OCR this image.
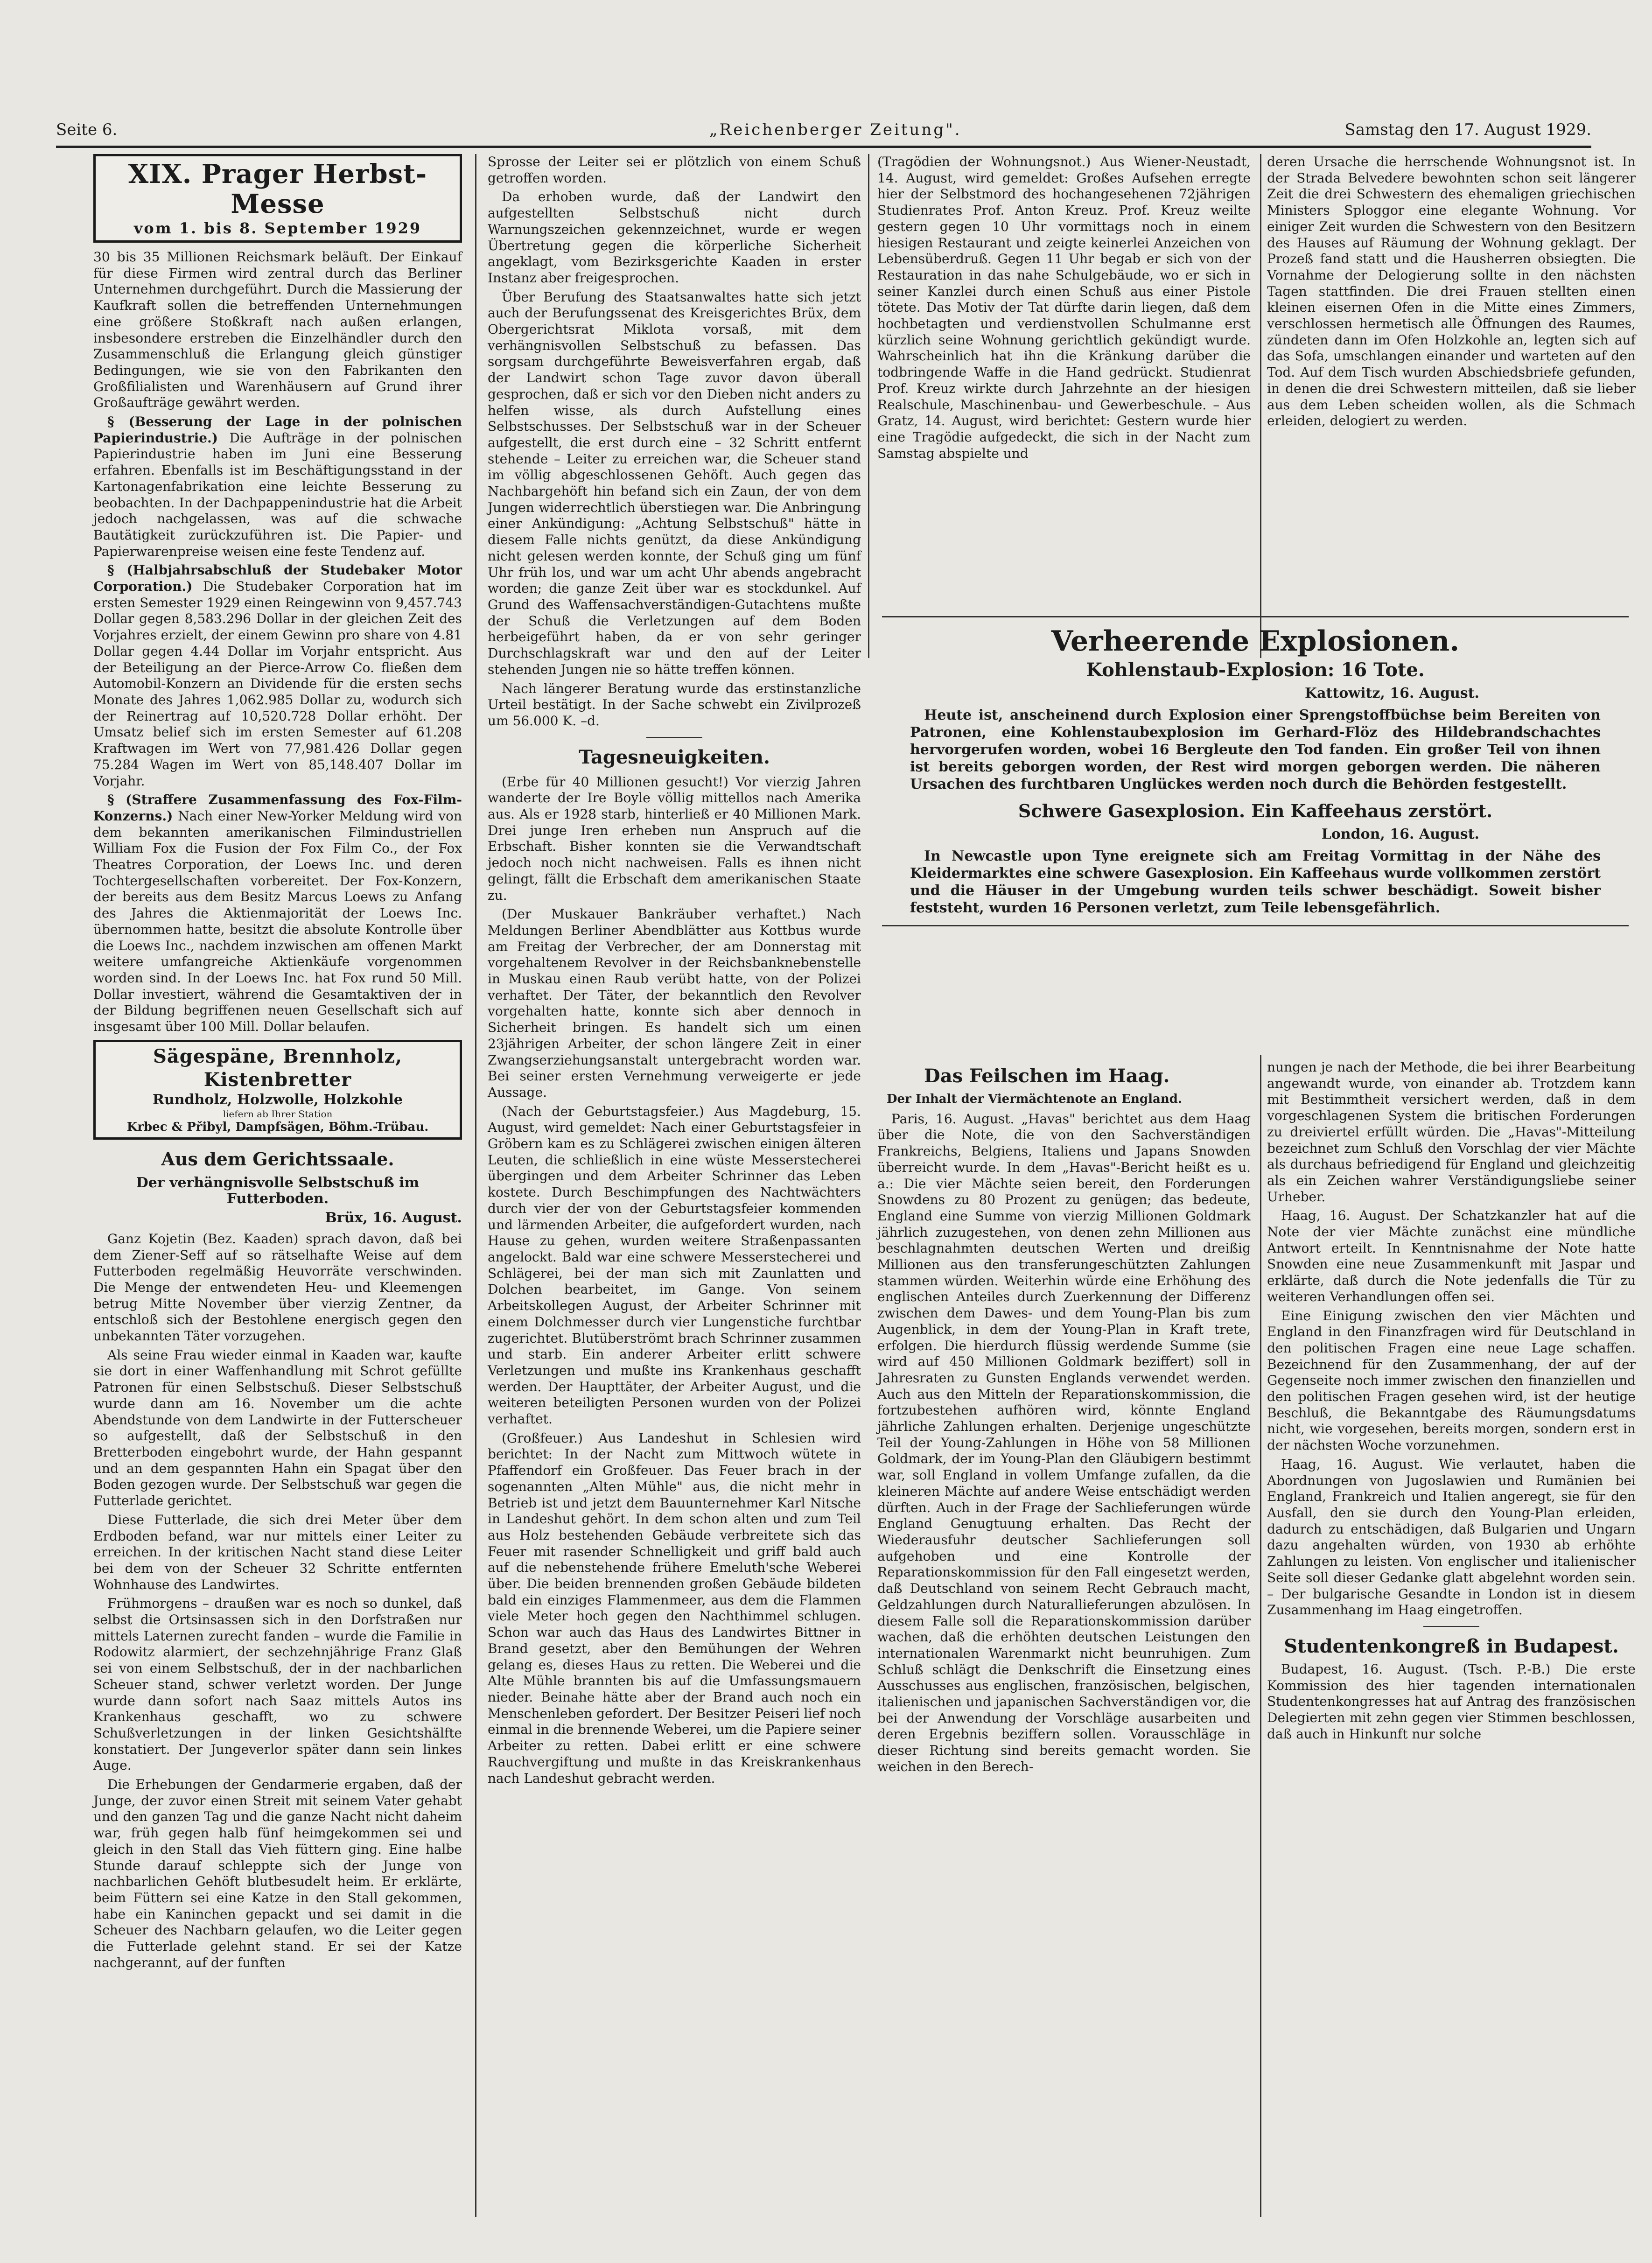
Seite 6.	„Reichenberger Zeitung".	Samstag den 17. August 1929.
XIX. Prager Herbst-Messe
vom 1. bis 8. September 1929

30 bis 35 Millionen Reichsmark beläuft. Der Einkauf für diese Firmen wird zentral durch das Berliner Unternehmen durchgeführt. Durch die Massierung der Kaufkraft sollen die betreffenden Unternehmungen eine größere Stoßkraft nach außen erlangen, insbesondere erstreben die Einzelhändler durch den Zusammenschluß die Erlangung gleich günstiger Bedingungen, wie sie von den Fabrikanten den Großfilialisten und Warenhäusern auf Grund ihrer Großaufträge gewährt werden.

§ (Besserung der Lage in der polnischen Papierindustrie.) Die Aufträge in der polnischen Papierindustrie haben im Juni eine Besserung erfahren. Ebenfalls ist im Beschäftigungsstand in der Kartonagenfabrikation eine leichte Besserung zu beobachten. In der Dachpappenindustrie hat die Arbeit jedoch nachgelassen, was auf die schwache Bautätigkeit zurückzuführen ist. Die Papier- und Papierwarenpreise weisen eine feste Tendenz auf.

§ (Halbjahrsabschluß der Studebaker Motor Corporation.) Die Studebaker Corporation hat im ersten Semester 1929 einen Reingewinn von 9,457.743 Dollar gegen 8,583.296 Dollar in der gleichen Zeit des Vorjahres erzielt, der einem Gewinn pro share von 4.81 Dollar gegen 4.44 Dollar im Vorjahr entspricht. Aus der Beteiligung an der Pierce-Arrow Co. fließen dem Automobil-Konzern an Dividende für die ersten sechs Monate des Jahres 1,062.985 Dollar zu, wodurch sich der Reinertrag auf 10,520.728 Dollar erhöht. Der Umsatz belief sich im ersten Semester auf 61.208 Kraftwagen im Wert von 77,981.426 Dollar gegen 75.284 Wagen im Wert von 85,148.407 Dollar im Vorjahr.

§ (Straffere Zusammenfassung des Fox-Film-Konzerns.) Nach einer New-Yorker Meldung wird von dem bekannten amerikanischen Filmindustriellen William Fox die Fusion der Fox Film Co., der Fox Theatres Corporation, der Loews Inc. und deren Tochtergesellschaften vorbereitet. Der Fox-Konzern, der bereits aus dem Besitz Marcus Loews zu Anfang des Jahres die Aktienmajorität der Loews Inc. übernommen hatte, besitzt die absolute Kontrolle über die Loews Inc., nachdem inzwischen am offenen Markt weitere umfangreiche Aktienkäufe vorgenommen worden sind. In der Loews Inc. hat Fox rund 50 Mill. Dollar investiert, während die Gesamtaktiven der in der Bildung begriffenen neuen Gesellschaft sich auf insgesamt über 100 Mill. Dollar belaufen.

Sägespäne, Brennholz, Kistenbretter
Rundholz, Holzwolle, Holzkohle
liefern ab Ihrer Station
Krbec & Přibyl, Dampfsägen, Böhm.-Trübau.
Aus dem Gerichtssaale.
Der verhängnisvolle Selbstschuß im Futterboden.
Brüx, 16. August.

Ganz Kojetin (Bez. Kaaden) sprach davon, daß bei dem Ziener-Seff auf so rätselhafte Weise auf dem Futterboden regelmäßig Heuvorräte verschwinden. Die Menge der entwendeten Heu- und Kleemengen betrug Mitte November über vierzig Zentner, da entschloß sich der Bestohlene energisch gegen den unbekannten Täter vorzugehen.

Als seine Frau wieder einmal in Kaaden war, kaufte sie dort in einer Waffenhandlung mit Schrot gefüllte Patronen für einen Selbstschuß. Dieser Selbstschuß wurde dann am 16. November um die achte Abendstunde von dem Landwirte in der Futterscheuer so aufgestellt, daß der Selbstschuß in den Bretterboden eingebohrt wurde, der Hahn gespannt und an dem gespannten Hahn ein Spagat über den Boden gezogen wurde. Der Selbstschuß war gegen die Futterlade gerichtet.

Diese Futterlade, die sich drei Meter über dem Erdboden befand, war nur mittels einer Leiter zu erreichen. In der kritischen Nacht stand diese Leiter bei dem von der Scheuer 32 Schritte entfernten Wohnhause des Landwirtes.

Frühmorgens – draußen war es noch so dunkel, daß selbst die Ortsinsassen sich in den Dorfstraßen nur mittels Laternen zurecht fanden – wurde die Familie in Rodowitz alarmiert, der sechzehnjährige Franz Glaß sei von einem Selbstschuß, der in der nachbarlichen Scheuer stand, schwer verletzt worden. Der Junge wurde dann sofort nach Saaz mittels Autos ins Krankenhaus geschafft, wo zu schwere Schußverletzungen in der linken Gesichtshälfte konstatiert. Der Jungeverlor später dann sein linkes Auge.

Die Erhebungen der Gendarmerie ergaben, daß der Junge, der zuvor einen Streit mit seinem Vater gehabt und den ganzen Tag und die ganze Nacht nicht daheim war, früh gegen halb fünf heimgekommen sei und gleich in den Stall das Vieh füttern ging. Eine halbe Stunde darauf schleppte sich der Junge von nachbarlichen Gehöft blutbesudelt heim. Er erklärte, beim Füttern sei eine Katze in den Stall gekommen, habe ein Kaninchen gepackt und sei damit in die Scheuer des Nachbarn gelaufen, wo die Leiter gegen die Futterlade gelehnt stand. Er sei der Katze nachgerannt, auf der funften

Sprosse der Leiter sei er plötzlich von einem Schuß getroffen worden.

Da erhoben wurde, daß der Landwirt den aufgestellten Selbstschuß nicht durch Warnungszeichen gekennzeichnet, wurde er wegen Übertretung gegen die körperliche Sicherheit angeklagt, vom Bezirksgerichte Kaaden in erster Instanz aber freigesprochen.

Über Berufung des Staatsanwaltes hatte sich jetzt auch der Berufungssenat des Kreisgerichtes Brüx, dem Obergerichtsrat Miklota vorsaß, mit dem verhängnisvollen Selbstschuß zu befassen. Das sorgsam durchgeführte Beweisverfahren ergab, daß der Landwirt schon Tage zuvor davon überall gesprochen, daß er sich vor den Dieben nicht anders zu helfen wisse, als durch Aufstellung eines Selbstschusses. Der Selbstschuß war in der Scheuer aufgestellt, die erst durch eine – 32 Schritt entfernt stehende – Leiter zu erreichen war, die Scheuer stand im völlig abgeschlossenen Gehöft. Auch gegen das Nachbargehöft hin befand sich ein Zaun, der von dem Jungen widerrechtlich überstiegen war. Die Anbringung einer Ankündigung: „Achtung Selbstschuß" hätte in diesem Falle nichts genützt, da diese Ankündigung nicht gelesen werden konnte, der Schuß ging um fünf Uhr früh los, und war um acht Uhr abends angebracht worden; die ganze Zeit über war es stockdunkel. Auf Grund des Waffensachverständigen-Gutachtens mußte der Schuß die Verletzungen auf dem Boden herbeigeführt haben, da er von sehr geringer Durchschlagskraft war und den auf der Leiter stehenden Jungen nie so hätte treffen können.

Nach längerer Beratung wurde das erstinstanzliche Urteil bestätigt. In der Sache schwebt ein Zivilprozeß um 56.000 K. –d.

Tagesneuigkeiten.

(Erbe für 40 Millionen gesucht!) Vor vierzig Jahren wanderte der Ire Boyle völlig mittellos nach Amerika aus. Als er 1928 starb, hinterließ er 40 Millionen Mark. Drei junge Iren erheben nun Anspruch auf die Erbschaft. Bisher konnten sie die Verwandtschaft jedoch noch nicht nachweisen. Falls es ihnen nicht gelingt, fällt die Erbschaft dem amerikanischen Staate zu.

(Der Muskauer Bankräuber verhaftet.) Nach Meldungen Berliner Abendblätter aus Kottbus wurde am Freitag der Verbrecher, der am Donnerstag mit vorgehaltenem Revolver in der Reichsbanknebenstelle in Muskau einen Raub verübt hatte, von der Polizei verhaftet. Der Täter, der bekanntlich den Revolver vorgehalten hatte, konnte sich aber dennoch in Sicherheit bringen. Es handelt sich um einen 23jährigen Arbeiter, der schon längere Zeit in einer Zwangserziehungsanstalt untergebracht worden war. Bei seiner ersten Vernehmung verweigerte er jede Aussage.

(Nach der Geburtstagsfeier.) Aus Magdeburg, 15. August, wird gemeldet: Nach einer Geburtstagsfeier in Gröbern kam es zu Schlägerei zwischen einigen älteren Leuten, die schließlich in eine wüste Messerstecherei übergingen und dem Arbeiter Schrinner das Leben kostete. Durch Beschimpfungen des Nachtwächters durch vier der von der Geburtstagsfeier kommenden und lärmenden Arbeiter, die aufgefordert wurden, nach Hause zu gehen, wurden weitere Straßenpassanten angelockt. Bald war eine schwere Messerstecherei und Schlägerei, bei der man sich mit Zaunlatten und Dolchen bearbeitet, im Gange. Von seinem Arbeitskollegen August, der Arbeiter Schrinner mit einem Dolchmesser durch vier Lungenstiche furchtbar zugerichtet. Blutüberströmt brach Schrinner zusammen und starb. Ein anderer Arbeiter erlitt schwere Verletzungen und mußte ins Krankenhaus geschafft werden. Der Haupttäter, der Arbeiter August, und die weiteren beteiligten Personen wurden von der Polizei verhaftet.

(Großfeuer.) Aus Landeshut in Schlesien wird berichtet: In der Nacht zum Mittwoch wütete in Pfaffendorf ein Großfeuer. Das Feuer brach in der sogenannten „Alten Mühle" aus, die nicht mehr in Betrieb ist und jetzt dem Bauunternehmer Karl Nitsche in Landeshut gehört. In dem schon alten und zum Teil aus Holz bestehenden Gebäude verbreitete sich das Feuer mit rasender Schnelligkeit und griff bald auch auf die nebenstehende frühere Emeluth'sche Weberei über. Die beiden brennenden großen Gebäude bildeten bald ein einziges Flammenmeer, aus dem die Flammen viele Meter hoch gegen den Nachthimmel schlugen. Schon war auch das Haus des Landwirtes Bittner in Brand gesetzt, aber den Bemühungen der Wehren gelang es, dieses Haus zu retten. Die Weberei und die Alte Mühle brannten bis auf die Umfassungsmauern nieder. Beinahe hätte aber der Brand auch noch ein Menschenleben gefordert. Der Besitzer Peiseri lief noch einmal in die brennende Weberei, um die Papiere seiner Arbeiter zu retten. Dabei erlitt er eine schwere Rauchvergiftung und mußte in das Kreiskrankenhaus nach Landeshut gebracht werden.

(Tragödien der Wohnungsnot.) Aus Wiener-Neustadt, 14. August, wird gemeldet: Großes Aufsehen erregte hier der Selbstmord des hochangesehenen 72jährigen Studienrates Prof. Anton Kreuz. Prof. Kreuz weilte gestern gegen 10 Uhr vormittags noch in einem hiesigen Restaurant und zeigte keinerlei Anzeichen von Lebensüberdruß. Gegen 11 Uhr begab er sich von der Restauration in das nahe Schulgebäude, wo er sich in seiner Kanzlei durch einen Schuß aus einer Pistole tötete. Das Motiv der Tat dürfte darin liegen, daß dem hochbetagten und verdienstvollen Schulmanne erst kürzlich seine Wohnung gerichtlich gekündigt wurde. Wahrscheinlich hat ihn die Kränkung darüber die todbringende Waffe in die Hand gedrückt. Studienrat Prof. Kreuz wirkte durch Jahrzehnte an der hiesigen Realschule, Maschinenbau- und Gewerbeschule. – Aus Gratz, 14. August, wird berichtet: Gestern wurde hier eine Tragödie aufgedeckt, die sich in der Nacht zum Samstag abspielte und

deren Ursache die herrschende Wohnungsnot ist. In der Strada Belvedere bewohnten schon seit längerer Zeit die drei Schwestern des ehemaligen griechischen Ministers Sploggor eine elegante Wohnung. Vor einiger Zeit wurden die Schwestern von den Besitzern des Hauses auf Räumung der Wohnung geklagt. Der Prozeß fand statt und die Hausherren obsiegten. Die Vornahme der Delogierung sollte in den nächsten Tagen stattfinden. Die drei Frauen stellten einen kleinen eisernen Ofen in die Mitte eines Zimmers, verschlossen hermetisch alle Öffnungen des Raumes, zündeten dann im Ofen Holzkohle an, legten sich auf das Sofa, umschlangen einander und warteten auf den Tod. Auf dem Tisch wurden Abschiedsbriefe gefunden, in denen die drei Schwestern mitteilen, daß sie lieber aus dem Leben scheiden wollen, als die Schmach erleiden, delogiert zu werden.

Verheerende Explosionen.
Kohlenstaub-Explosion: 16 Tote.
Kattowitz, 16. August.

Heute ist, anscheinend durch Explosion einer Sprengstoffbüchse beim Bereiten von Patronen, eine Kohlenstaubexplosion im Gerhard-Flöz des Hildebrandschachtes hervorgerufen worden, wobei 16 Bergleute den Tod fanden. Ein großer Teil von ihnen ist bereits geborgen worden, der Rest wird morgen geborgen werden. Die näheren Ursachen des furchtbaren Unglückes werden noch durch die Behörden festgestellt.

Schwere Gasexplosion. Ein Kaffeehaus zerstört.
London, 16. August.

In Newcastle upon Tyne ereignete sich am Freitag Vormittag in der Nähe des Kleidermarktes eine schwere Gasexplosion. Ein Kaffeehaus wurde vollkommen zerstört und die Häuser in der Umgebung wurden teils schwer beschädigt. Soweit bisher feststeht, wurden 16 Personen verletzt, zum Teile lebensgefährlich.

Das Feilschen im Haag.
Der Inhalt der Viermächtenote an England.

Paris, 16. August. „Havas" berichtet aus dem Haag über die Note, die von den Sachverständigen Frankreichs, Belgiens, Italiens und Japans Snowden überreicht wurde. In dem „Havas"-Bericht heißt es u. a.: Die vier Mächte seien bereit, den Forderungen Snowdens zu 80 Prozent zu genügen; das bedeute, England eine Summe von vierzig Millionen Goldmark jährlich zuzugestehen, von denen zehn Millionen aus beschlagnahmten deutschen Werten und dreißig Millionen aus den transferungeschützten Zahlungen stammen würden. Weiterhin würde eine Erhöhung des englischen Anteiles durch Zuerkennung der Differenz zwischen dem Dawes- und dem Young-Plan bis zum Augenblick, in dem der Young-Plan in Kraft trete, erfolgen. Die hierdurch flüssig werdende Summe (sie wird auf 450 Millionen Goldmark beziffert) soll in Jahresraten zu Gunsten Englands verwendet werden. Auch aus den Mitteln der Reparationskommission, die fortzubestehen aufhören wird, könnte England jährliche Zahlungen erhalten. Derjenige ungeschützte Teil der Young-Zahlungen in Höhe von 58 Millionen Goldmark, der im Young-Plan den Gläubigern bestimmt war, soll England in vollem Umfange zufallen, da die kleineren Mächte auf andere Weise entschädigt werden dürften. Auch in der Frage der Sachlieferungen würde England Genugtuung erhalten. Das Recht der Wiederausfuhr deutscher Sachlieferungen soll aufgehoben und eine Kontrolle der Reparationskommission für den Fall eingesetzt werden, daß Deutschland von seinem Recht Gebrauch macht, Geldzahlungen durch Naturallieferungen abzulösen. In diesem Falle soll die Reparationskommission darüber wachen, daß die erhöhten deutschen Leistungen den internationalen Warenmarkt nicht beunruhigen. Zum Schluß schlägt die Denkschrift die Einsetzung eines Ausschusses aus englischen, französischen, belgischen, italienischen und japanischen Sachverständigen vor, die bei der Anwendung der Vorschläge ausarbeiten und deren Ergebnis beziffern sollen. Vorausschläge in dieser Richtung sind bereits gemacht worden. Sie weichen in den Berech-

nungen je nach der Methode, die bei ihrer Bearbeitung angewandt wurde, von einander ab. Trotzdem kann mit Bestimmtheit versichert werden, daß in dem vorgeschlagenen System die britischen Forderungen zu dreiviertel erfüllt würden. Die „Havas"-Mitteilung bezeichnet zum Schluß den Vorschlag der vier Mächte als durchaus befriedigend für England und gleichzeitig als ein Zeichen wahrer Verständigungsliebe seiner Urheber.

Haag, 16. August. Der Schatzkanzler hat auf die Note der vier Mächte zunächst eine mündliche Antwort erteilt. In Kenntnisnahme der Note hatte Snowden eine neue Zusammenkunft mit Jaspar und erklärte, daß durch die Note jedenfalls die Tür zu weiteren Verhandlungen offen sei.

Eine Einigung zwischen den vier Mächten und England in den Finanzfragen wird für Deutschland in den politischen Fragen eine neue Lage schaffen. Bezeichnend für den Zusammenhang, der auf der Gegenseite noch immer zwischen den finanziellen und den politischen Fragen gesehen wird, ist der heutige Beschluß, die Bekanntgabe des Räumungsdatums nicht, wie vorgesehen, bereits morgen, sondern erst in der nächsten Woche vorzunehmen.

Haag, 16. August. Wie verlautet, haben die Abordnungen von Jugoslawien und Rumänien bei England, Frankreich und Italien angeregt, sie für den Ausfall, den sie durch den Young-Plan erleiden, dadurch zu entschädigen, daß Bulgarien und Ungarn dazu angehalten würden, von 1930 ab erhöhte Zahlungen zu leisten. Von englischer und italienischer Seite soll dieser Gedanke glatt abgelehnt worden sein. – Der bulgarische Gesandte in London ist in diesem Zusammenhang im Haag eingetroffen.

Studentenkongreß in Budapest.

Budapest, 16. August. (Tsch. P.-B.) Die erste Kommission des hier tagenden internationalen Studentenkongresses hat auf Antrag des französischen Delegierten mit zehn gegen vier Stimmen beschlossen, daß auch in Hinkunft nur solche
